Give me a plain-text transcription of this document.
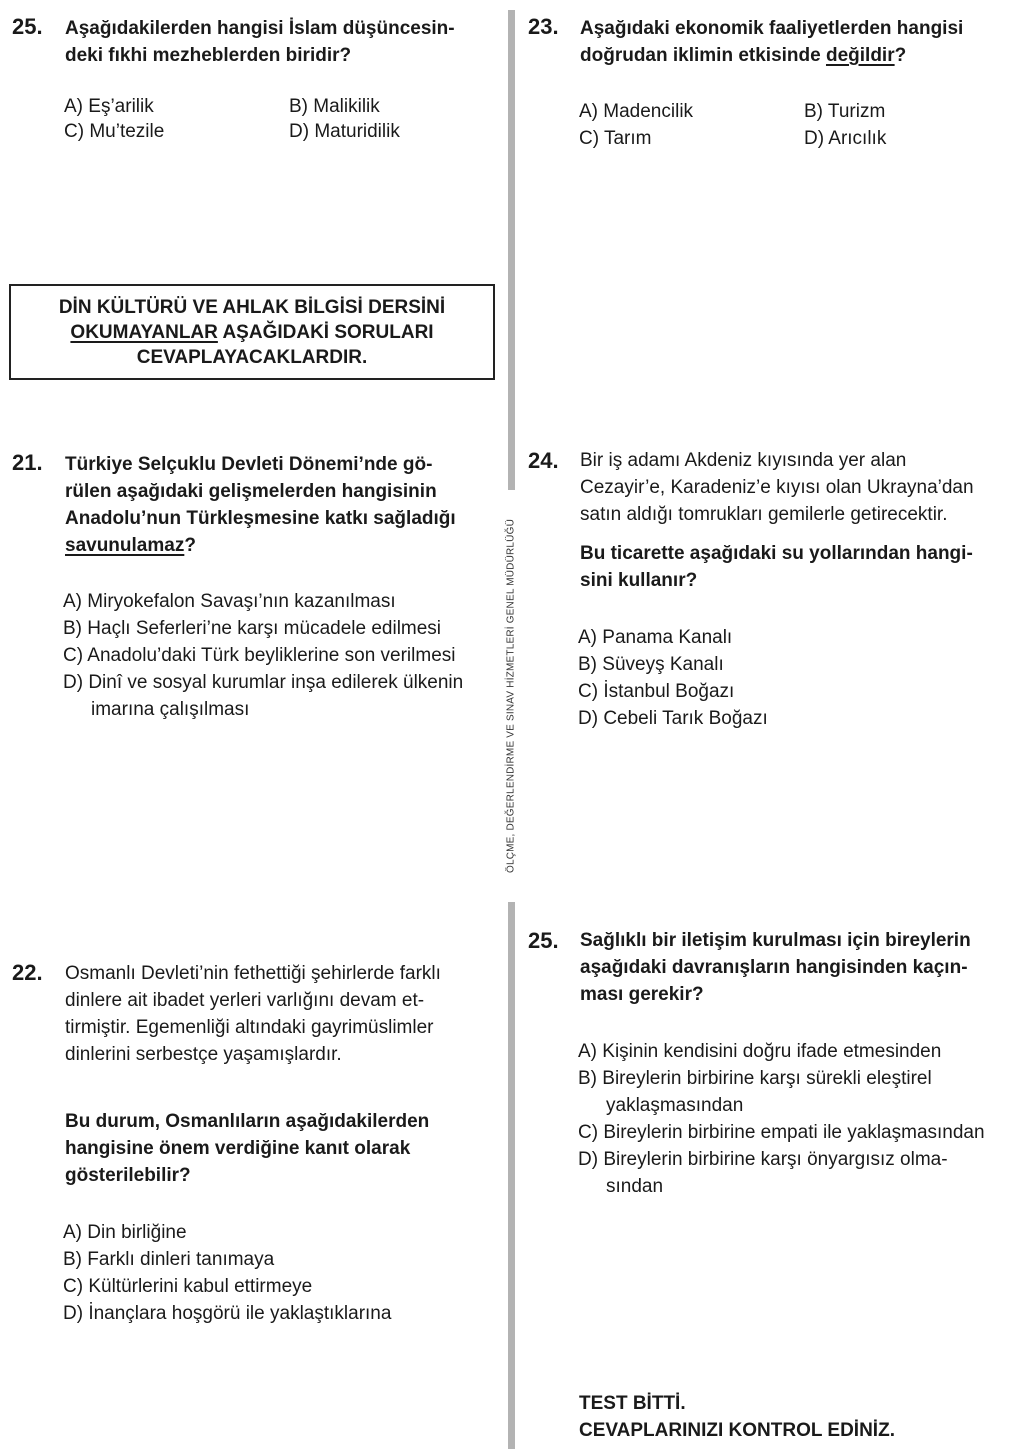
ÖLÇME, DEĞERLENDİRME VE SINAV HİZMETLERİ GENEL MÜDÜRLÜĞÜ
25. Aşağıdakilerden hangisi İslam düşüncesin-
deki fıkhi mezheblerden biridir?
A) Eş’arilik	B) Malikilik
C) Mu’tezile	D) Maturidilik
DİN KÜLTÜRÜ VE AHLAK BİLGİSİ DERSİNİ
OKUMAYANLAR AŞAĞIDAKİ SORULARI
CEVAPLAYACAKLARDIR.
21. Türkiye Selçuklu Devleti Dönemi’nde gö-
rülen aşağıdaki gelişmelerden hangisinin
Anadolu’nun Türkleşmesine katkı sağladığı
savunulamaz?
A) Miryokefalon Savaşı’nın kazanılması
B) Haçlı Seferleri’ne karşı mücadele edilmesi
C) Anadolu’daki Türk beyliklerine son verilmesi
D) Dinî ve sosyal kurumlar inşa edilerek ülkenin
imarına çalışılması
22. Osmanlı Devleti’nin fethettiği şehirlerde farklı
dinlere ait ibadet yerleri varlığını devam et-
tirmiştir. Egemenliği altındaki gayrimüslimler
dinlerini serbestçe yaşamışlardır.
Bu durum, Osmanlıların aşağıdakilerden
hangisine önem verdiğine kanıt olarak
gösterilebilir?
A) Din birliğine
B) Farklı dinleri tanımaya
C) Kültürlerini kabul ettirmeye
D) İnançlara hoşgörü ile yaklaştıklarına
23. Aşağıdaki ekonomik faaliyetlerden hangisi
doğrudan iklimin etkisinde değildir?
A) Madencilik	B) Turizm
C) Tarım	D) Arıcılık
24. Bir iş adamı Akdeniz kıyısında yer alan
Cezayir’e, Karadeniz’e kıyısı olan Ukrayna’dan
satın aldığı tomrukları gemilerle getirecektir.
Bu ticarette aşağıdaki su yollarından hangi-
sini kullanır?
A) Panama Kanalı
B) Süveyş Kanalı
C) İstanbul Boğazı
D) Cebeli Tarık Boğazı
25. Sağlıklı bir iletişim kurulması için bireylerin
aşağıdaki davranışların hangisinden kaçın-
ması gerekir?
A) Kişinin kendisini doğru ifade etmesinden
B) Bireylerin birbirine karşı sürekli eleştirel
yaklaşmasından
C) Bireylerin birbirine empati ile yaklaşmasından
D) Bireylerin birbirine karşı önyargısız olma-
sından
TEST BİTTİ.
CEVAPLARINIZI KONTROL EDİNİZ.
